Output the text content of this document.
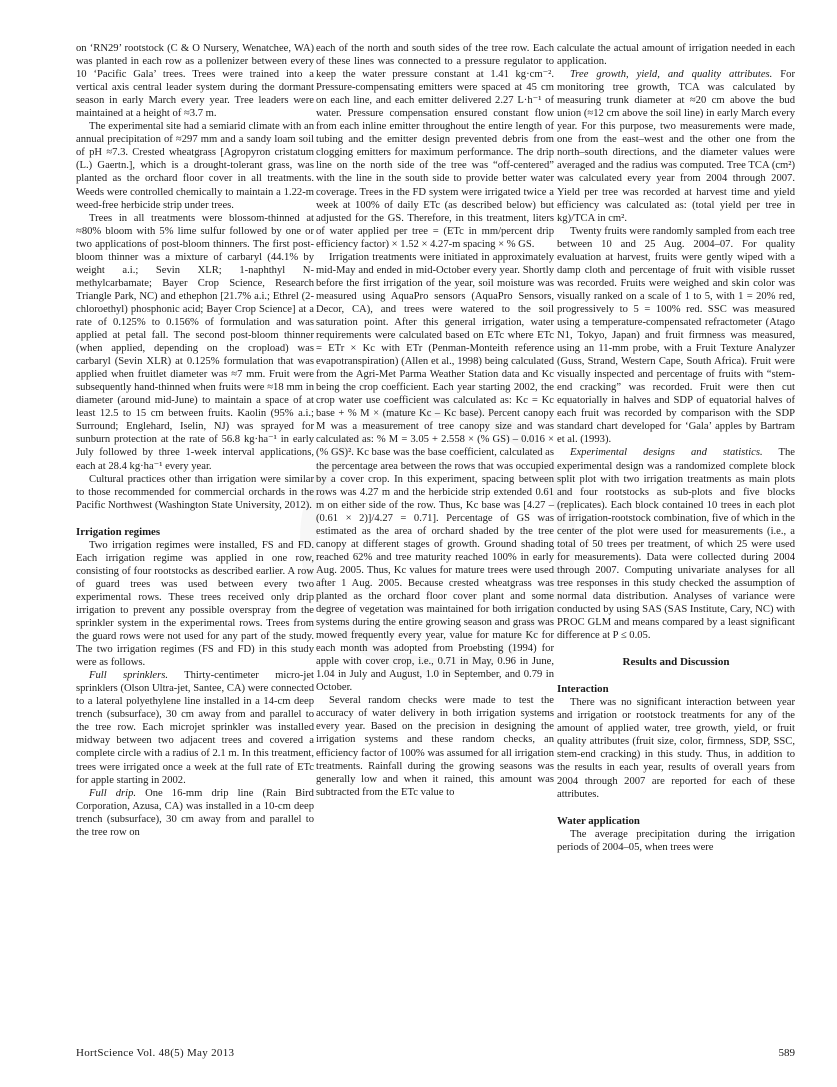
on ‘RN29’ rootstock (C & O Nursery, Wenatchee, WA) was planted in each row as a pollenizer between every 10 ‘Pacific Gala’ trees. Trees were trained into a vertical axis central leader system during the dormant season in early March every year. Tree leaders were maintained at a height of ≈3.7 m.

The experimental site had a semiarid climate with an annual precipitation of ≈297 mm and a sandy loam soil of pH ≈7.3. Crested wheatgrass [Agropyron cristatum (L.) Gaertn.], which is a drought-tolerant grass, was planted as the orchard floor cover in all treatments. Weeds were controlled chemically to maintain a 1.22-m weed-free herbicide strip under trees.

Trees in all treatments were blossom-thinned at ≈80% bloom with 5% lime sulfur followed by one or two applications of post-bloom thinners. The first post-bloom thinner was a mixture of carbaryl (44.1% by weight a.i.; Sevin XLR; 1-naphthyl N-methylcarbamate; Bayer Crop Science, Research Triangle Park, NC) and ethephon [21.7% a.i.; Ethrel (2-chloroethyl) phosphonic acid; Bayer Crop Science] at a rate of 0.125% to 0.156% of formulation and was applied at petal fall. The second post-bloom thinner (when applied, depending on the cropload) was carbaryl (Sevin XLR) at 0.125% formulation that was applied when fruitlet diameter was ≈7 mm. Fruit were subsequently hand-thinned when fruits were ≈18 mm in diameter (around mid-June) to maintain a space of at least 12.5 to 15 cm between fruits. Kaolin (95% a.i.; Surround; Englehard, Iselin, NJ) was sprayed for sunburn protection at the rate of 56.8 kg·ha⁻¹ in early July followed by three 1-week interval applications, each at 28.4 kg·ha⁻¹ every year.

Cultural practices other than irrigation were similar to those recommended for commercial orchards in the Pacific Northwest (Washington State University, 2012).

Irrigation regimes

Two irrigation regimes were installed, FS and FD. Each irrigation regime was applied in one row, consisting of four rootstocks as described earlier. A row of guard trees was used between every two experimental rows. These trees received only drip irrigation to prevent any possible overspray from the sprinkler system in the experimental rows. Trees from the guard rows were not used for any part of the study. The two irrigation regimes (FS and FD) in this study were as follows.

Full sprinklers. Thirty-centimeter micro-jet sprinklers (Olson Ultra-jet, Santee, CA) were connected to a lateral polyethylene line installed in a 14-cm deep trench (subsurface), 30 cm away from and parallel to the tree row. Each microjet sprinkler was installed midway between two adjacent trees and covered a complete circle with a radius of 2.1 m. In this treatment, trees were irrigated once a week at the full rate of ETc for apple starting in 2002.

Full drip. One 16-mm drip line (Rain Bird Corporation, Azusa, CA) was installed in a 10-cm deep trench (subsurface), 30 cm away from and parallel to the tree row on

each of the north and south sides of the tree row. Each of these lines was connected to a pressure regulator to keep the water pressure constant at 1.41 kg·cm⁻². Pressure-compensating emitters were spaced at 45 cm on each line, and each emitter delivered 2.27 L·h⁻¹ of water. Pressure compensation ensured constant flow from each inline emitter throughout the entire length of tubing and the emitter design prevented debris from clogging emitters for maximum performance. The drip line on the north side of the tree was “off-centered” with the line in the south side to provide better water coverage. Trees in the FD system were irrigated twice a week at 100% of daily ETc (as described below) but adjusted for the GS. Therefore, in this treatment, liters of water applied per tree = (ETc in mm/percent drip efficiency factor) × 1.52 × 4.27-m spacing × % GS.

Irrigation treatments were initiated in approximately mid-May and ended in mid-October every year. Shortly before the first irrigation of the year, soil moisture was measured using AquaPro sensors (AquaPro Sensors, Decor, CA), and trees were watered to the soil saturation point. After this general irrigation, water requirements were calculated based on ETc where ETc = ETr × Kc with ETr (Penman-Monteith reference evapotranspiration) (Allen et al., 1998) being calculated from the Agri-Met Parma Weather Station data and Kc being the crop coefficient. Each year starting 2002, the crop water use coefficient was calculated as: Kc = Kc base + % M × (mature Kc – Kc base). Percent canopy M was a measurement of tree canopy size and was calculated as: % M = 3.05 + 2.558 × (% GS) – 0.016 × (% GS)². Kc base was the base coefficient, calculated as the percentage area between the rows that was occupied by a cover crop. In this experiment, spacing between rows was 4.27 m and the herbicide strip extended 0.61 m on either side of the row. Thus, Kc base was [4.27 – (0.61 × 2)]/4.27 = 0.71]. Percentage of GS was estimated as the area of orchard shaded by the tree canopy at different stages of growth. Ground shading reached 62% and tree maturity reached 100% in early Aug. 2005. Thus, Kc values for mature trees were used after 1 Aug. 2005. Because crested wheatgrass was planted as the orchard floor cover plant and some degree of vegetation was maintained for both irrigation systems during the entire growing season and grass was mowed frequently every year, value for mature Kc for each month was adopted from Proebsting (1994) for apple with cover crop, i.e., 0.71 in May, 0.96 in June, 1.04 in July and August, 1.0 in September, and 0.79 in October.

Several random checks were made to test the accuracy of water delivery in both irrigation systems every year. Based on the precision in designing the irrigation systems and these random checks, an efficiency factor of 100% was assumed for all irrigation treatments. Rainfall during the growing seasons was generally low and when it rained, this amount was subtracted from the ETc value to

calculate the actual amount of irrigation needed in each application.

Tree growth, yield, and quality attributes. For monitoring tree growth, TCA was calculated by measuring trunk diameter at ≈20 cm above the bud union (≈12 cm above the soil line) in early March every year. For this purpose, two measurements were made, one from the east–west and the other one from the north–south directions, and the diameter values were averaged and the radius was computed. Tree TCA (cm²) was calculated every year from 2004 through 2007. Yield per tree was recorded at harvest time and yield efficiency was calculated as: (total yield per tree in kg)/TCA in cm².

Twenty fruits were randomly sampled from each tree between 10 and 25 Aug. 2004–07. For quality evaluation at harvest, fruits were gently wiped with a damp cloth and percentage of fruit with visible russet was recorded. Fruits were weighed and skin color was visually ranked on a scale of 1 to 5, with 1 = 20% red, progressively to 5 = 100% red. SSC was measured using a temperature-compensated refractometer (Atago N1, Tokyo, Japan) and fruit firmness was measured, using an 11-mm probe, with a Fruit Texture Analyzer (Guss, Strand, Western Cape, South Africa). Fruit were visually inspected and percentage of fruits with “stem-end cracking” was recorded. Fruit were then cut equatorially in halves and SDP of equatorial halves of each fruit was recorded by comparison with the SDP standard chart developed for ‘Gala’ apples by Bartram et al. (1993).

Experimental designs and statistics. The experimental design was a randomized complete block split plot with two irrigation treatments as main plots and four rootstocks as sub-plots and five blocks (replicates). Each block contained 10 trees in each plot of irrigation-rootstock combination, five of which in the center of the plot were used for measurements (i.e., a total of 50 trees per treatment, of which 25 were used for measurements). Data were collected during 2004 through 2007. Computing univariate analyses for all tree responses in this study checked the assumption of normal data distribution. Analyses of variance were conducted by using SAS (SAS Institute, Cary, NC) with PROC GLM and means compared by a least significant difference at P ≤ 0.05.

Results and Discussion
Interaction

There was no significant interaction between year and irrigation or rootstock treatments for any of the amount of applied water, tree growth, yield, or fruit quality attributes (fruit size, color, firmness, SDP, SSC, stem-end cracking) in this study. Thus, in addition to the results in each year, results of overall years from 2004 through 2007 are reported for each of these attributes.

Water application

The average precipitation during the irrigation periods of 2004–05, when trees were

HortScience Vol. 48(5) May 2013	589
